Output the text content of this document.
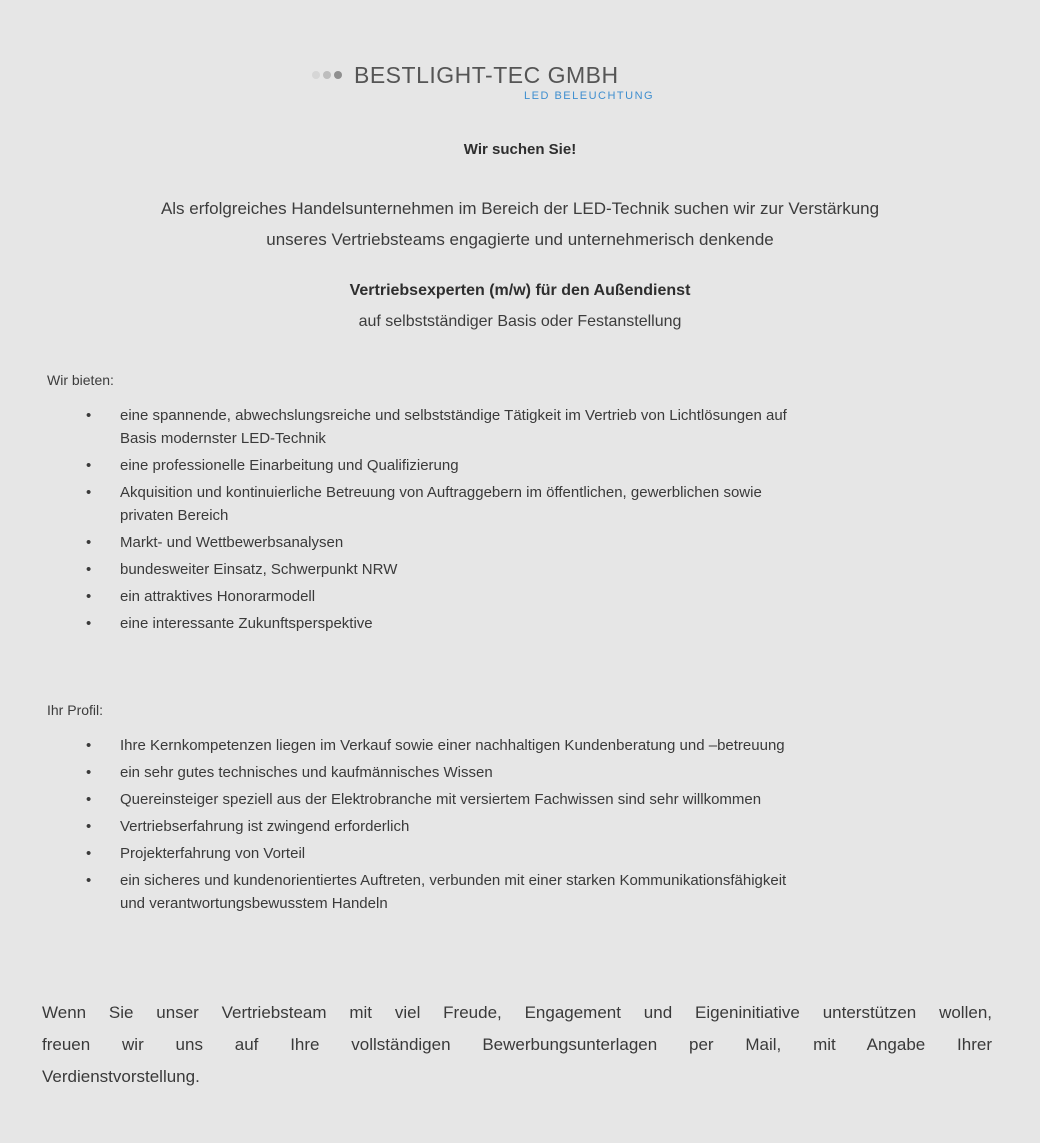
BESTLIGHT-TEC GMBH
LED BELEUCHTUNG
Wir suchen Sie!
Als erfolgreiches Handelsunternehmen im Bereich der LED-Technik suchen wir zur Verstärkung
unseres Vertriebsteams engagierte und unternehmerisch denkende
Vertriebsexperten (m/w) für den Außendienst
auf selbstständiger Basis oder Festanstellung
Wir bieten:
• eine spannende, abwechslungsreiche und selbstständige Tätigkeit im Vertrieb von Lichtlösungen auf
Basis modernster LED-Technik
• eine professionelle Einarbeitung und Qualifizierung
• Akquisition und kontinuierliche Betreuung von Auftraggebern im öffentlichen, gewerblichen sowie
privaten Bereich
• Markt- und Wettbewerbsanalysen
• bundesweiter Einsatz, Schwerpunkt NRW
• ein attraktives Honorarmodell
• eine interessante Zukunftsperspektive
Ihr Profil:
• Ihre Kernkompetenzen liegen im Verkauf sowie einer nachhaltigen Kundenberatung und –betreuung
• ein sehr gutes technisches und kaufmännisches Wissen
• Quereinsteiger speziell aus der Elektrobranche mit versiertem Fachwissen sind sehr willkommen
• Vertriebserfahrung ist zwingend erforderlich
• Projekterfahrung von Vorteil
• ein sicheres und kundenorientiertes Auftreten, verbunden mit einer starken Kommunikationsfähigkeit
und verantwortungsbewusstem Handeln
Wenn Sie unser Vertriebsteam mit viel Freude, Engagement und Eigeninitiative unterstützen wollen,
freuen wir uns auf Ihre vollständigen Bewerbungsunterlagen per Mail, mit Angabe Ihrer
Verdienstvorstellung.
